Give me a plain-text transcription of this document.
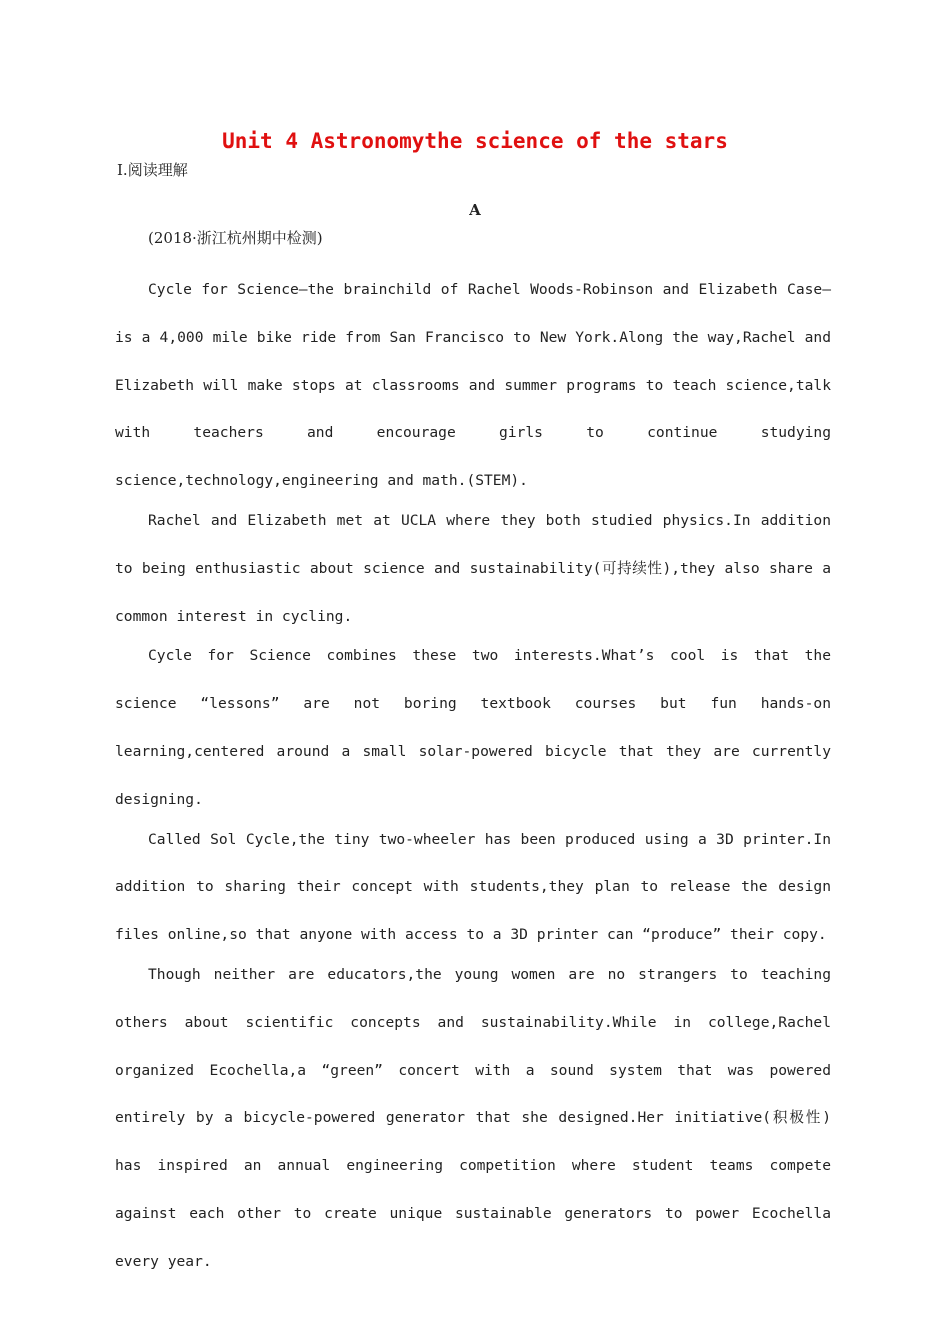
Unit 4 Astronomythe science of the stars
Ⅰ.阅读理解
A
(2018·浙江杭州期中检测)

Cycle for Science—the brainchild of Rachel Woods-Robinson and Elizabeth Case—is a 4,000 mile bike ride from San Francisco to New York.Along the way,Rachel and Elizabeth will make stops at classrooms and summer programs to teach science,talk with teachers and encourage girls to continue studying science,technology,engineering and math.(STEM).

Rachel and Elizabeth met at UCLA where they both studied physics.In addition to being enthusiastic about science and sustainability(可持续性),they also share a common interest in cycling.

Cycle for Science combines these two interests.What’s cool is that the science “lessons” are not boring textbook courses but fun hands-on learning,centered around a small solar-powered bicycle that they are currently designing.

Called Sol Cycle,the tiny two-wheeler has been produced using a 3D printer.In addition to sharing their concept with students,they plan to release the design files online,so that anyone with access to a 3D printer can “produce” their copy.

Though neither are educators,the young women are no strangers to teaching others about scientific concepts and sustainability.While in college,Rachel organized Ecochella,a “green” concert with a sound system that was powered entirely by a bicycle-powered generator that she designed.Her initiative(积极性) has inspired an annual engineering competition where student teams compete against each other to create unique sustainable generators to power Ecochella every year.
